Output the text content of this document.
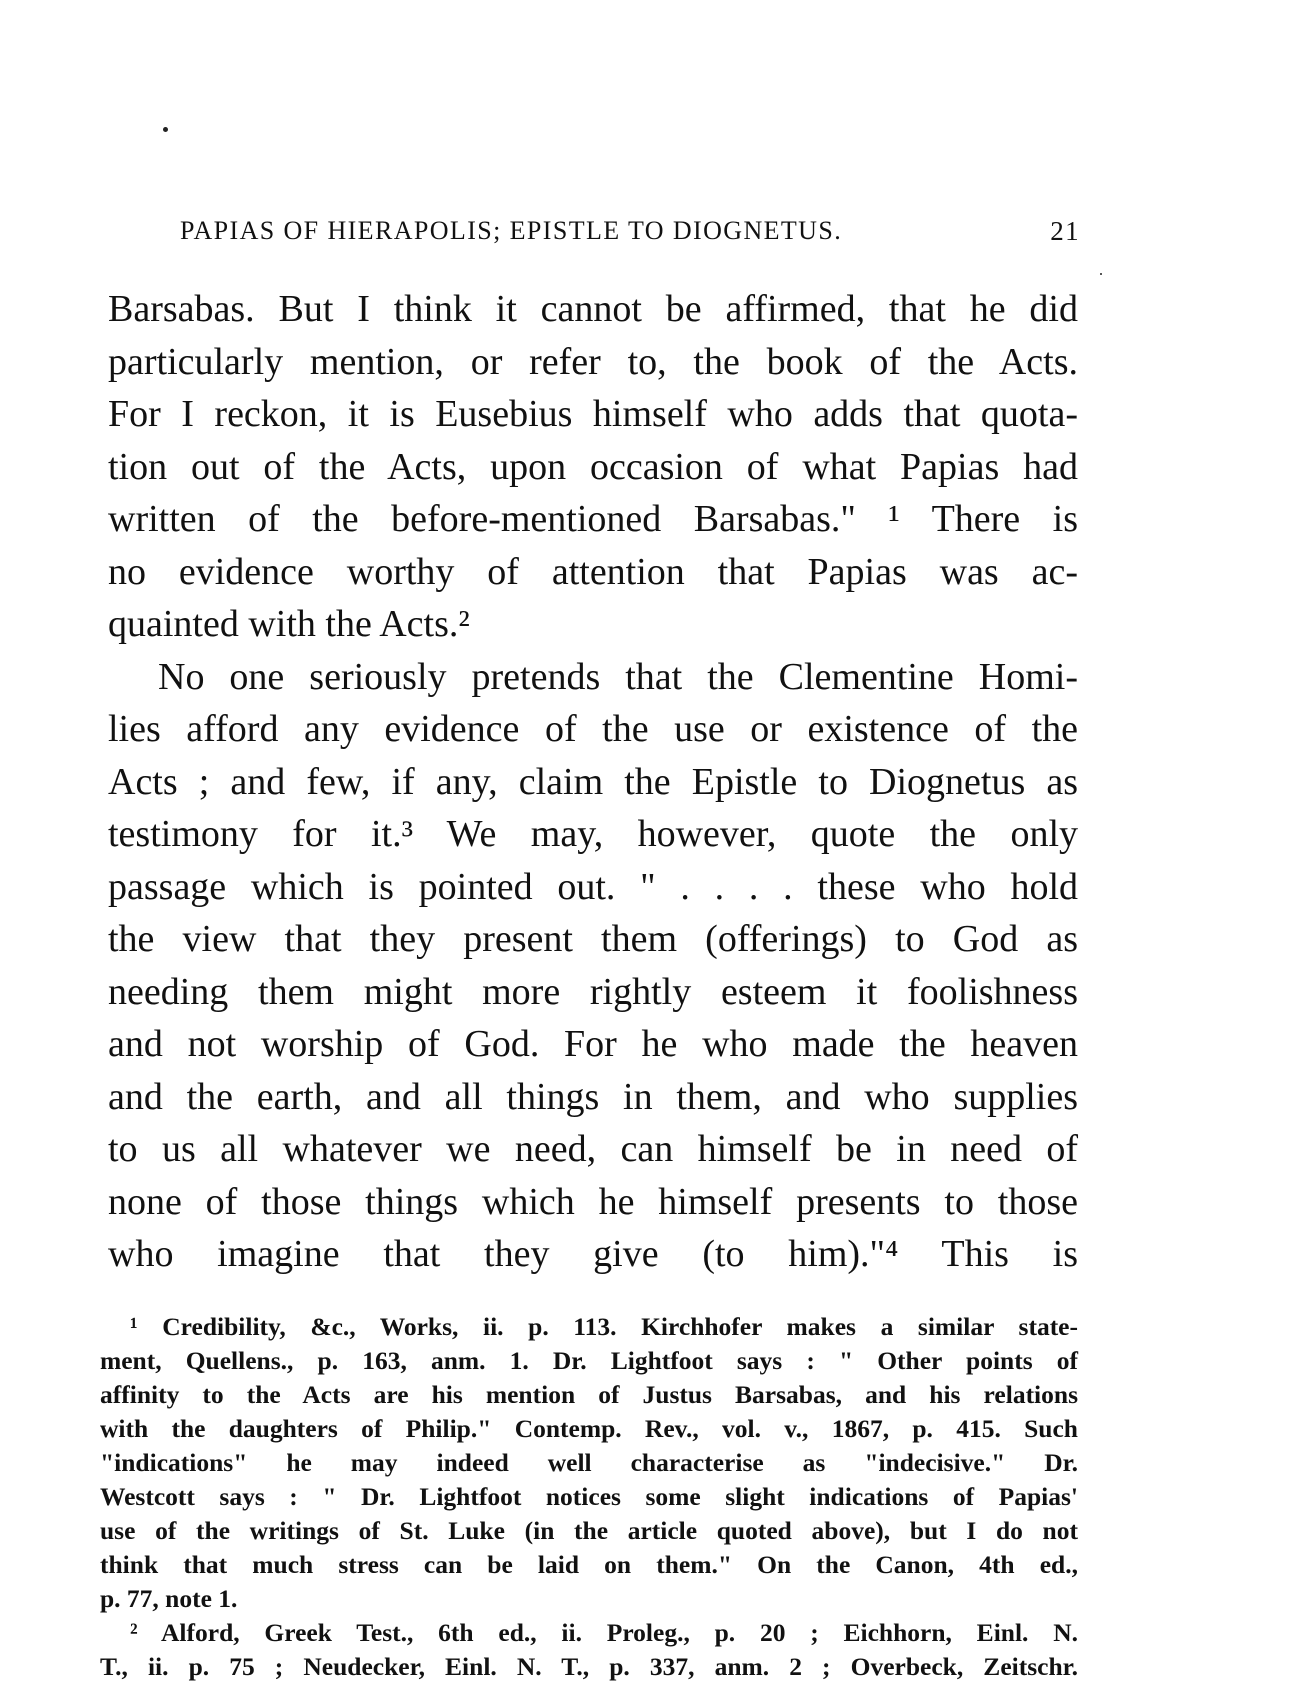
PAPIAS OF HIERAPOLIS; EPISTLE TO DIOGNETUS.	21
Barsabas. But I think it cannot be affirmed, that he did
particularly mention, or refer to, the book of the Acts.
For I reckon, it is Eusebius himself who adds that quota-
tion out of the Acts, upon occasion of what Papias had
written of the before-mentioned Barsabas." ¹ There is
no evidence worthy of attention that Papias was ac-
quainted with the Acts.²
No one seriously pretends that the Clementine Homi-
lies afford any evidence of the use or existence of the
Acts ; and few, if any, claim the Epistle to Diognetus as
testimony for it.³ We may, however, quote the only
passage which is pointed out. " . . . . these who hold
the view that they present them (offerings) to God as
needing them might more rightly esteem it foolishness
and not worship of God. For he who made the heaven
and the earth, and all things in them, and who supplies
to us all whatever we need, can himself be in need of
none of those things which he himself presents to those
who imagine that they give (to him)."⁴ This is
¹ Credibility, &c., Works, ii. p. 113. Kirchhofer makes a similar state-
ment, Quellens., p. 163, anm. 1. Dr. Lightfoot says : " Other points of
affinity to the Acts are his mention of Justus Barsabas, and his relations
with the daughters of Philip." Contemp. Rev., vol. v., 1867, p. 415. Such
"indications" he may indeed well characterise as "indecisive." Dr.
Westcott says : " Dr. Lightfoot notices some slight indications of Papias'
use of the writings of St. Luke (in the article quoted above), but I do not
think that much stress can be laid on them." On the Canon, 4th ed.,
p. 77, note 1.
² Alford, Greek Test., 6th ed., ii. Proleg., p. 20 ; Eichhorn, Einl. N.
T., ii. p. 75 ; Neudecker, Einl. N. T., p. 337, anm. 2 ; Overbeck, Zeitschr.
